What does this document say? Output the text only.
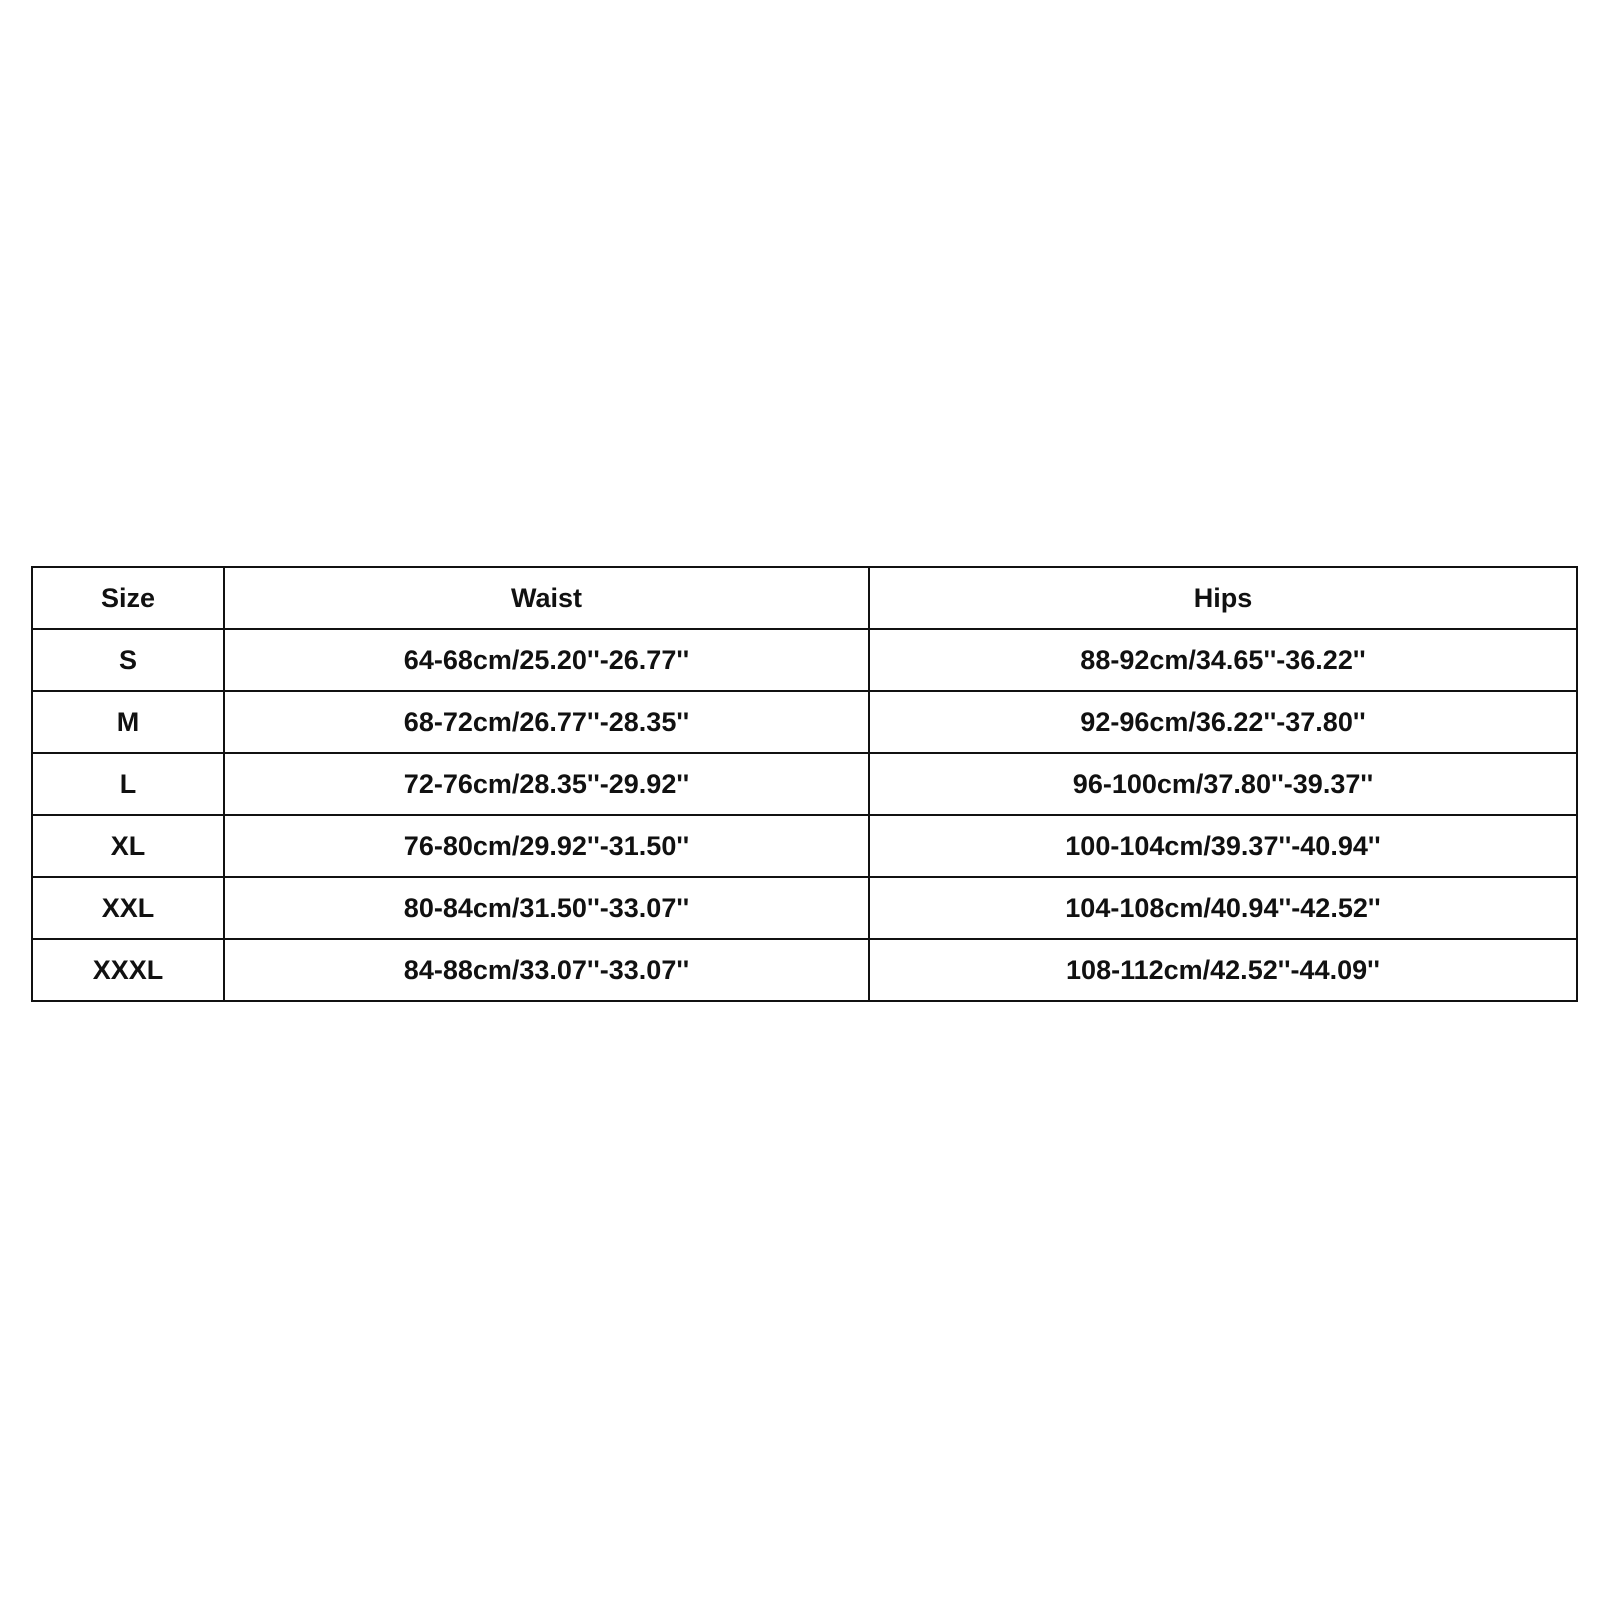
Size	Waist	Hips
S	64-68cm/25.20''-26.77''	88-92cm/34.65''-36.22''
M	68-72cm/26.77''-28.35''	92-96cm/36.22''-37.80''
L	72-76cm/28.35''-29.92''	96-100cm/37.80''-39.37''
XL	76-80cm/29.92''-31.50''	100-104cm/39.37''-40.94''
XXL	80-84cm/31.50''-33.07''	104-108cm/40.94''-42.52''
XXXL	84-88cm/33.07''-33.07''	108-112cm/42.52''-44.09''
